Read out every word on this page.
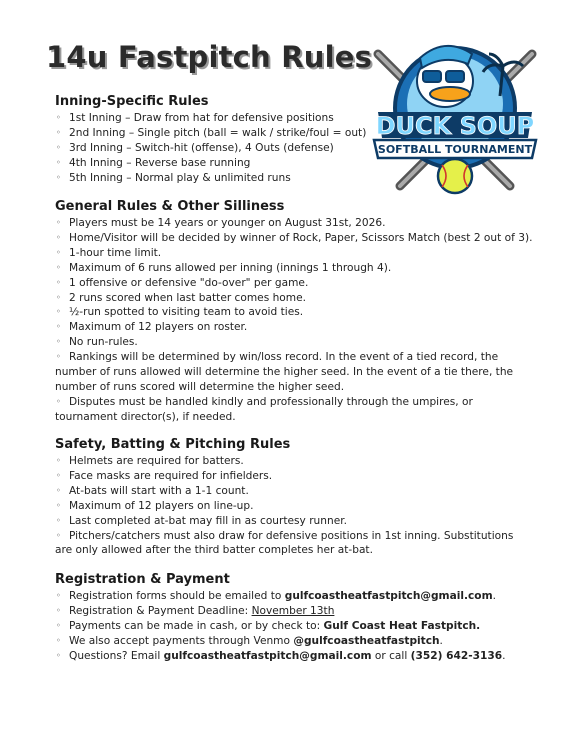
14u Fastpitch Rules
DUCK SOUP
SOFTBALL TOURNAMENT
Inning-Specific Rules
◦ 1st Inning – Draw from hat for defensive positions
◦ 2nd Inning – Single pitch (ball = walk / strike/foul = out)
◦ 3rd Inning – Switch-hit (offense), 4 Outs (defense)
◦ 4th Inning – Reverse base running
◦ 5th Inning – Normal play & unlimited runs
General Rules & Other Silliness
◦ Players must be 14 years or younger on August 31st, 2026.
◦ Home/Visitor will be decided by winner of Rock, Paper, Scissors Match (best 2 out of 3).
◦ 1-hour time limit.
◦ Maximum of 6 runs allowed per inning (innings 1 through 4).
◦ 1 offensive or defensive "do-over" per game.
◦ 2 runs scored when last batter comes home.
◦ ½-run spotted to visiting team to avoid ties.
◦ Maximum of 12 players on roster.
◦ No run-rules.
◦ Rankings will be determined by win/loss record. In the event of a tied record, the
number of runs allowed will determine the higher seed. In the event of a tie there, the
number of runs scored will determine the higher seed.
◦ Disputes must be handled kindly and professionally through the umpires, or
tournament director(s), if needed.
Safety, Batting & Pitching Rules
◦ Helmets are required for batters.
◦ Face masks are required for infielders.
◦ At-bats will start with a 1-1 count.
◦ Maximum of 12 players on line-up.
◦ Last completed at-bat may fill in as courtesy runner.
◦ Pitchers/catchers must also draw for defensive positions in 1st inning. Substitutions
are only allowed after the third batter completes her at-bat.
Registration & Payment
◦ Registration forms should be emailed to gulfcoastheatfastpitch@gmail.com.
◦ Registration & Payment Deadline: November 13th
◦ Payments can be made in cash, or by check to: Gulf Coast Heat Fastpitch.
◦ We also accept payments through Venmo @gulfcoastheatfastpitch.
◦ Questions? Email gulfcoastheatfastpitch@gmail.com or call (352) 642-3136.
